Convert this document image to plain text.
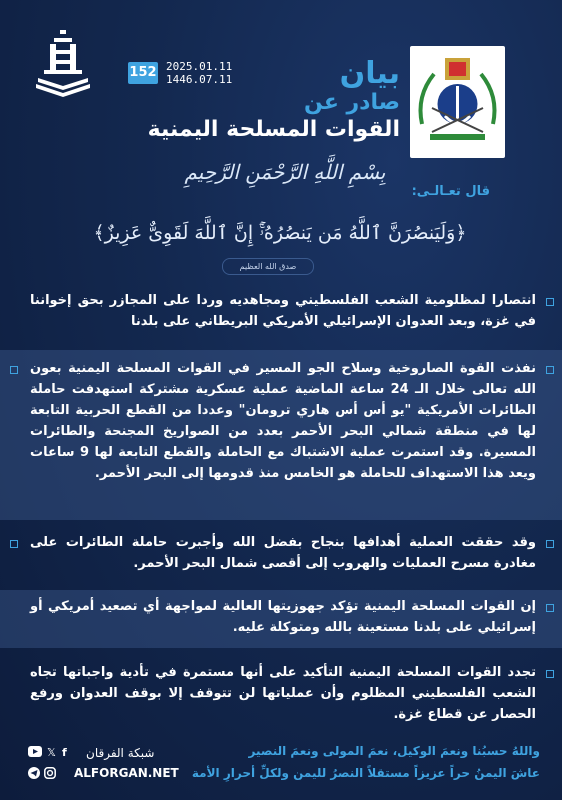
152 2025.01.11
1446.07.11	بيان
صادر عن
القوات المسلحة اليمنية
بِسْمِ اللَّهِ الرَّحْمَنِ الرَّحِيمِ
قال تعـالـى:
﴿وَلَيَنصُرَنَّ ٱللَّهُ مَن يَنصُرُهُۥٓۚ إِنَّ ٱللَّهَ لَقَوِىٌّ عَزِيزٌ﴾
صدق الله العظيم

انتصارا لمظلومية الشعب الفلسطيني ومجاهديه وردا على المجازر بحق إخواننا في غزة، وبعد العدوان الإسرائيلي الأمريكي البريطاني على بلدنا

نفذت القوة الصاروخية وسلاح الجو المسير في القوات المسلحة اليمنية بعون الله تعالى خلال الـ 24 ساعة الماضية عملية عسكرية مشتركة استهدفت حاملة الطائرات الأمريكية "يو أس أس هاري ترومان" وعددا من القطع الحربية التابعة لها في منطقة شمالي البحر الأحمر بعدد من الصواريخ المجنحة والطائرات المسيرة. وقد استمرت عملية الاشتباك مع الحاملة والقطع التابعة لها 9 ساعات ويعد هذا الاستهداف للحاملة هو الخامس منذ قدومها إلى البحر الأحمر.

وقد حققت العملية أهدافها بنجاح بفضل الله وأجبرت حاملة الطائرات على مغادرة مسرح العمليات والهروب إلى أقصى شمال البحر الأحمر.

إن القوات المسلحة اليمنية تؤكد جهوزيتها العالية لمواجهة أي تصعيد أمريكي أو إسرائيلي على بلدنا مستعينة بالله ومتوكلة عليه.

تجدد القوات المسلحة اليمنية التأكيد على أنها مستمرة في تأدية واجباتها تجاه الشعب الفلسطيني المظلوم وأن عملياتها لن تتوقف إلا بوقف العدوان ورفع الحصار عن قطاع غزة.

واللهُ حسبُنا ونعمَ الوكيل، نعمَ المولى ونعمَ النصير
عاشَ اليمنُ حراً عزيزاً مستقلاً النصرُ لليمن ولكلِّ أحرارِ الأمة
𝕏 f شبكة الفرقان
ALFORGAN.NET
